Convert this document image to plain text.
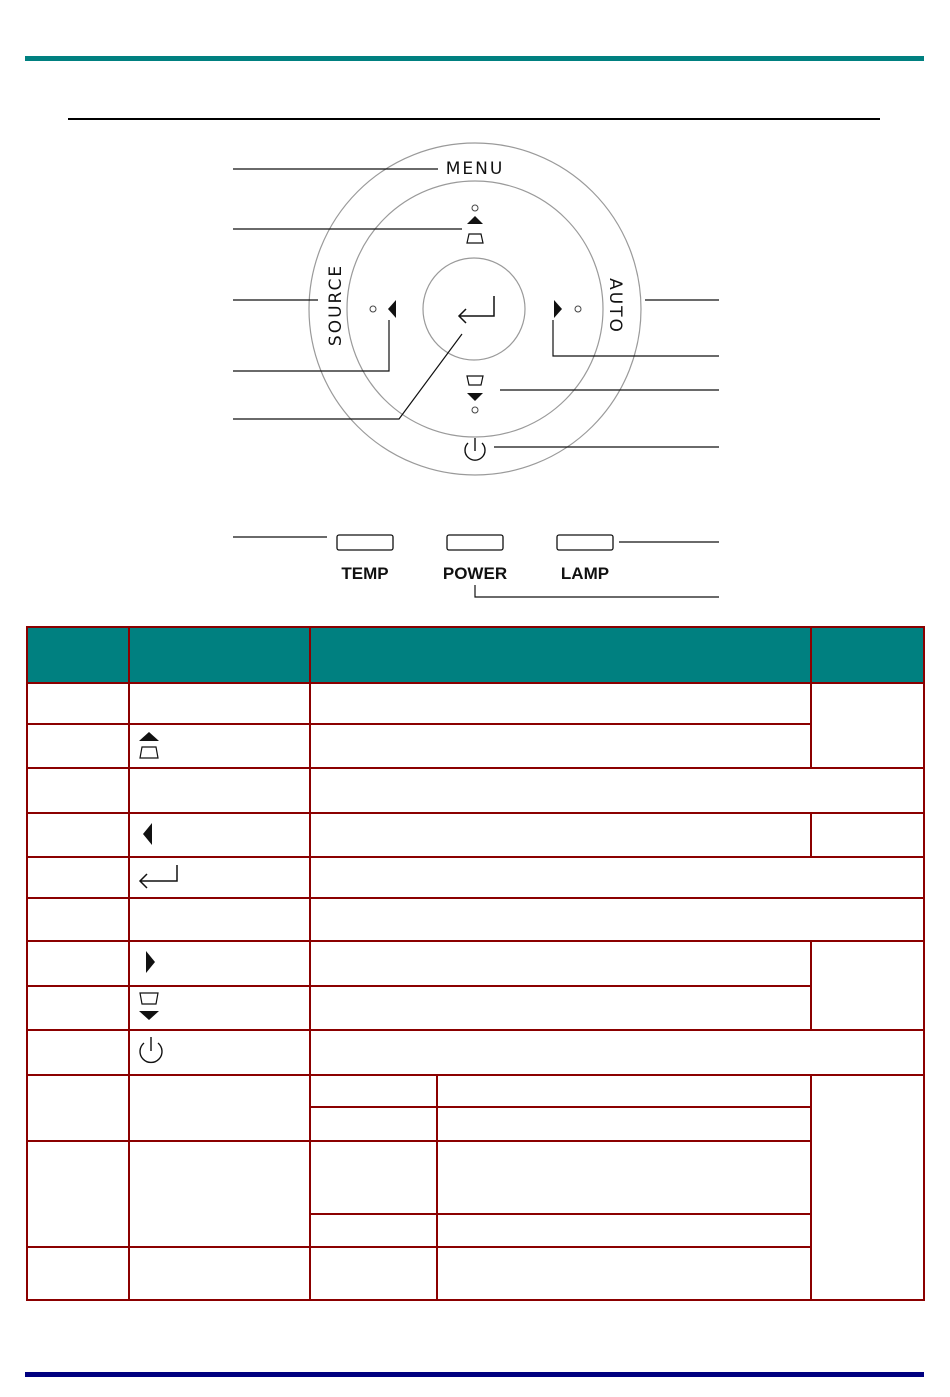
MENU
SOURCE	AUTO
TEMP	POWER	LAMP
